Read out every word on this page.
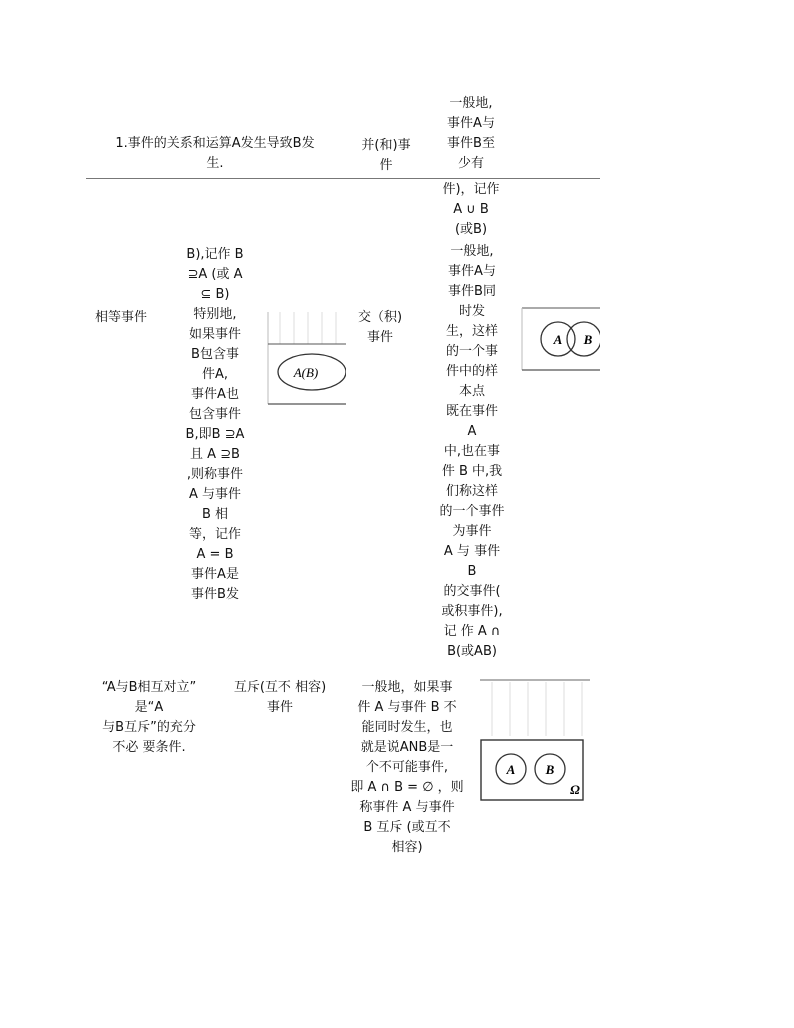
1.事件的关系和运算A发生导致B发
生.
并(和)事
件
一般地,
事件A与
事件B至
少有
件)，记作
A ∪ B
(或B)
相等事件
B),记作 B
⊇A (或 A
⊆ B)
特别地,
如果事件
B包含事
件A,
事件A也
包含事件
B,即B ⊇A
且 A ⊇B
,则称事件
A 与事件
B 相
等，记作
A = B
事件A是
事件B发
A(B)
交（积)
事件
一般地,
事件A与
事件B同
时发
生，这样
的一个事
件中的样
本点
既在事件
A
中,也在事
件 B 中,我
们称这样
的一个事件
为事件
A 与 事件
B
的交事件(
或积事件),
记 作 A ∩
B(或AB)
A B
“A与B相互对立”
是“A
与B互斥”的充分
不必 要条件.
互斥(互不 相容)
事件
一般地，如果事
件 A 与事件 B 不
能同时发生，也
就是说ANB是一
个不可能事件,
即 A ∩ B = ∅ ，则
称事件 A 与事件
B 互斥 (或互不
相容)
A B
Ω
